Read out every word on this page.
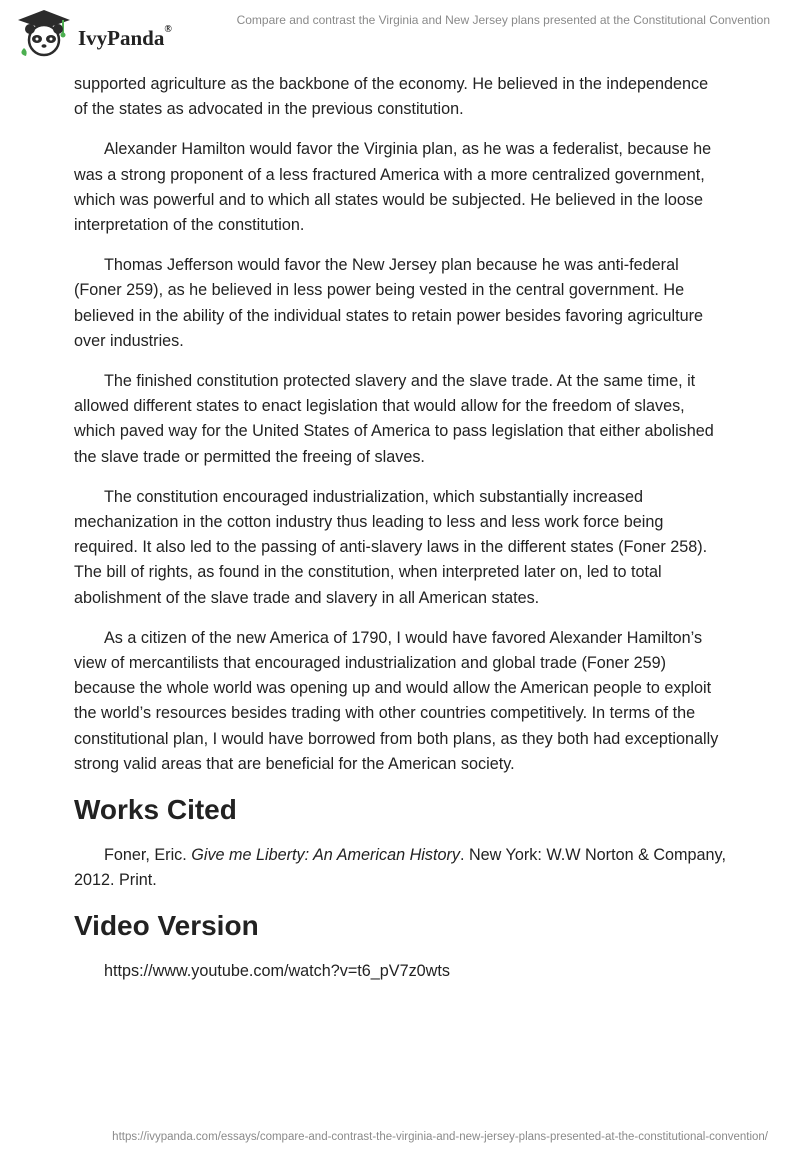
IvyPanda®
Compare and contrast the Virginia and New Jersey plans presented at the Constitutional Convention

supported agriculture as the backbone of the economy. He believed in the independence of the states as advocated in the previous constitution.

Alexander Hamilton would favor the Virginia plan, as he was a federalist, because he was a strong proponent of a less fractured America with a more centralized government, which was powerful and to which all states would be subjected. He believed in the loose interpretation of the constitution.

Thomas Jefferson would favor the New Jersey plan because he was anti-federal (Foner 259), as he believed in less power being vested in the central government. He believed in the ability of the individual states to retain power besides favoring agriculture over industries.

The finished constitution protected slavery and the slave trade. At the same time, it allowed different states to enact legislation that would allow for the freedom of slaves, which paved way for the United States of America to pass legislation that either abolished the slave trade or permitted the freeing of slaves.

The constitution encouraged industrialization, which substantially increased mechanization in the cotton industry thus leading to less and less work force being required. It also led to the passing of anti-slavery laws in the different states (Foner 258). The bill of rights, as found in the constitution, when interpreted later on, led to total abolishment of the slave trade and slavery in all American states.

As a citizen of the new America of 1790, I would have favored Alexander Hamilton’s view of mercantilists that encouraged industrialization and global trade (Foner 259) because the whole world was opening up and would allow the American people to exploit the world’s resources besides trading with other countries competitively. In terms of the constitutional plan, I would have borrowed from both plans, as they both had exceptionally strong valid areas that are beneficial for the American society.

Works Cited

Foner, Eric. Give me Liberty: An American History. New York: W.W Norton & Company, 2012. Print.

Video Version

https://www.youtube.com/watch?v=t6_pV7z0wts

https://ivypanda.com/essays/compare-and-contrast-the-virginia-and-new-jersey-plans-presented-at-the-constitutional-convention/
